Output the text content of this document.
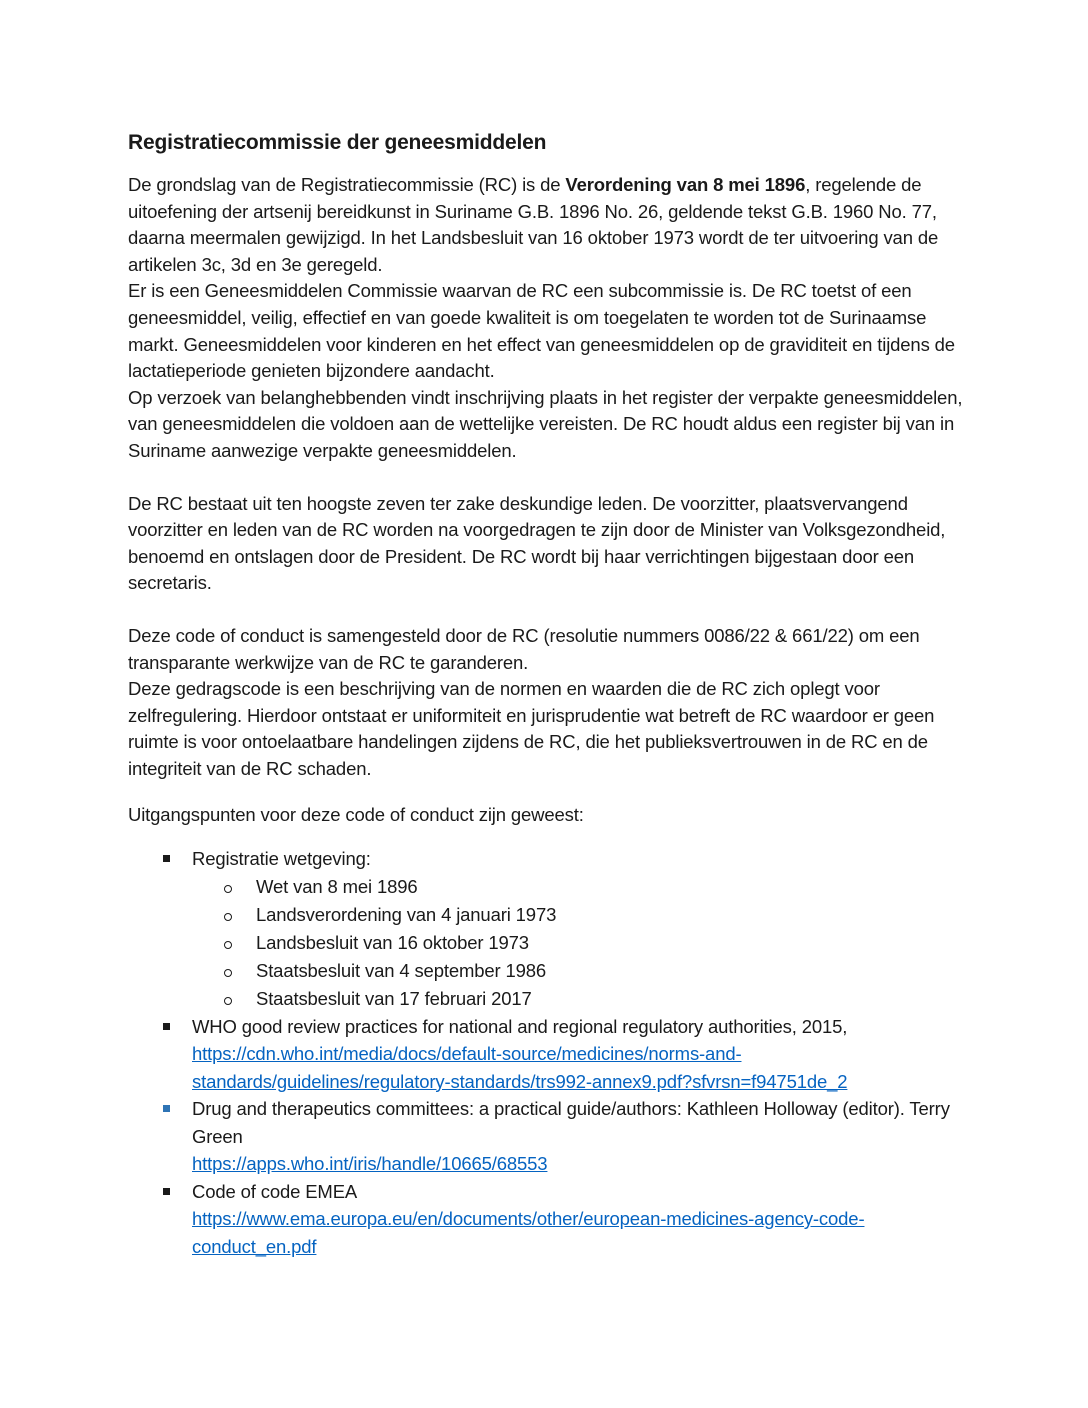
Registratiecommissie der geneesmiddelen

De grondslag van de Registratiecommissie (RC) is de Verordening van 8 mei 1896, regelende de uitoefening der artsenij bereidkunst in Suriname G.B. 1896 No. 26, geldende tekst G.B. 1960 No. 77, daarna meermalen gewijzigd. In het Landsbesluit van 16 oktober 1973 wordt de ter uitvoering van de artikelen 3c, 3d en 3e geregeld.

Er is een Geneesmiddelen Commissie waarvan de RC een subcommissie is. De RC toetst of een geneesmiddel, veilig, effectief en van goede kwaliteit is om toegelaten te worden tot de Surinaamse markt. Geneesmiddelen voor kinderen en het effect van geneesmiddelen op de graviditeit en tijdens de lactatieperiode genieten bijzondere aandacht.

Op verzoek van belanghebbenden vindt inschrijving plaats in het register der verpakte geneesmiddelen, van geneesmiddelen die voldoen aan de wettelijke vereisten. De RC houdt aldus een register bij van in Suriname aanwezige verpakte geneesmiddelen.

De RC bestaat uit ten hoogste zeven ter zake deskundige leden. De voorzitter, plaatsvervangend voorzitter en leden van de RC worden na voorgedragen te zijn door de Minister van Volksgezondheid, benoemd en ontslagen door de President. De RC wordt bij haar verrichtingen bijgestaan door een secretaris.

Deze code of conduct is samengesteld door de RC (resolutie nummers 0086/22 & 661/22) om een transparante werkwijze van de RC te garanderen.

Deze gedragscode is een beschrijving van de normen en waarden die de RC zich oplegt voor zelfregulering. Hierdoor ontstaat er uniformiteit en jurisprudentie wat betreft de RC waardoor er geen ruimte is voor ontoelaatbare handelingen zijdens de RC, die het publieksvertrouwen in de RC en de integriteit van de RC schaden.

Uitgangspunten voor deze code of conduct zijn geweest:

Registratie wetgeving:
Wet van 8 mei 1896
Landsverordening van 4 januari 1973
Landsbesluit van 16 oktober 1973
Staatsbesluit van 4 september 1986
Staatsbesluit van 17 februari 2017
WHO good review practices for national and regional regulatory authorities, 2015,
https://cdn.who.int/media/docs/default-source/medicines/norms-and-standards/guidelines/regulatory-standards/trs992-annex9.pdf?sfvrsn=f94751de_2
Drug and therapeutics committees: a practical guide/authors: Kathleen Holloway (editor). Terry Green
https://apps.who.int/iris/handle/10665/68553
Code of code EMEA
https://www.ema.europa.eu/en/documents/other/european-medicines-agency-code-conduct_en.pdf
